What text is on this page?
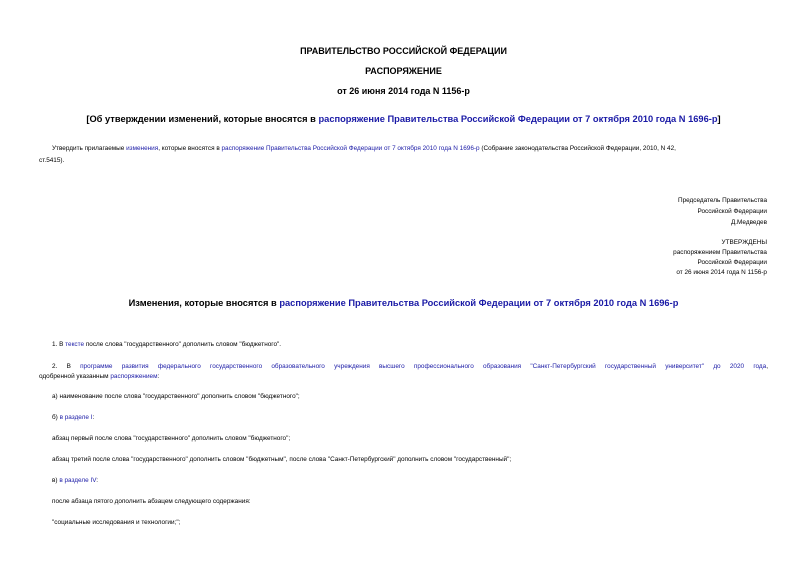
ПРАВИТЕЛЬСТВО РОССИЙСКОЙ ФЕДЕРАЦИИ
РАСПОРЯЖЕНИЕ
от 26 июня 2014 года N 1156-р
[Об утверждении изменений, которые вносятся в распоряжение Правительства Российской Федерации от 7 октября 2010 года N 1696-р]
Утвердить прилагаемые изменения, которые вносятся в распоряжение Правительства Российской Федерации от 7 октября 2010 года N 1696-р (Собрание законодательства Российской Федерации, 2010, N 42,
ст.5415).
Председатель Правительства
Российской Федерации
Д.Медведев
УТВЕРЖДЕНЫ
распоряжением Правительства
Российской Федерации
от 26 июня 2014 года N 1156-р
Изменения, которые вносятся в распоряжение Правительства Российской Федерации от 7 октября 2010 года N 1696-р
1. В тексте после слова "государственного" дополнить словом "бюджетного".
2. В программе развития федерального государственного образовательного учреждения высшего профессионального образования "Санкт-Петербургский государственный университет" до 2020 года,
одобренной указанным распоряжением:
а) наименование после слова "государственного" дополнить словом "бюджетного";
б) в разделе I:
абзац первый после слова "государственного" дополнить словом "бюджетного";
абзац третий после слова "государственного" дополнить словом "бюджетным", после слова "Санкт-Петербургский" дополнить словом "государственный";
в) в разделе IV:
после абзаца пятого дополнить абзацем следующего содержания:
"социальные исследования и технологии;";
